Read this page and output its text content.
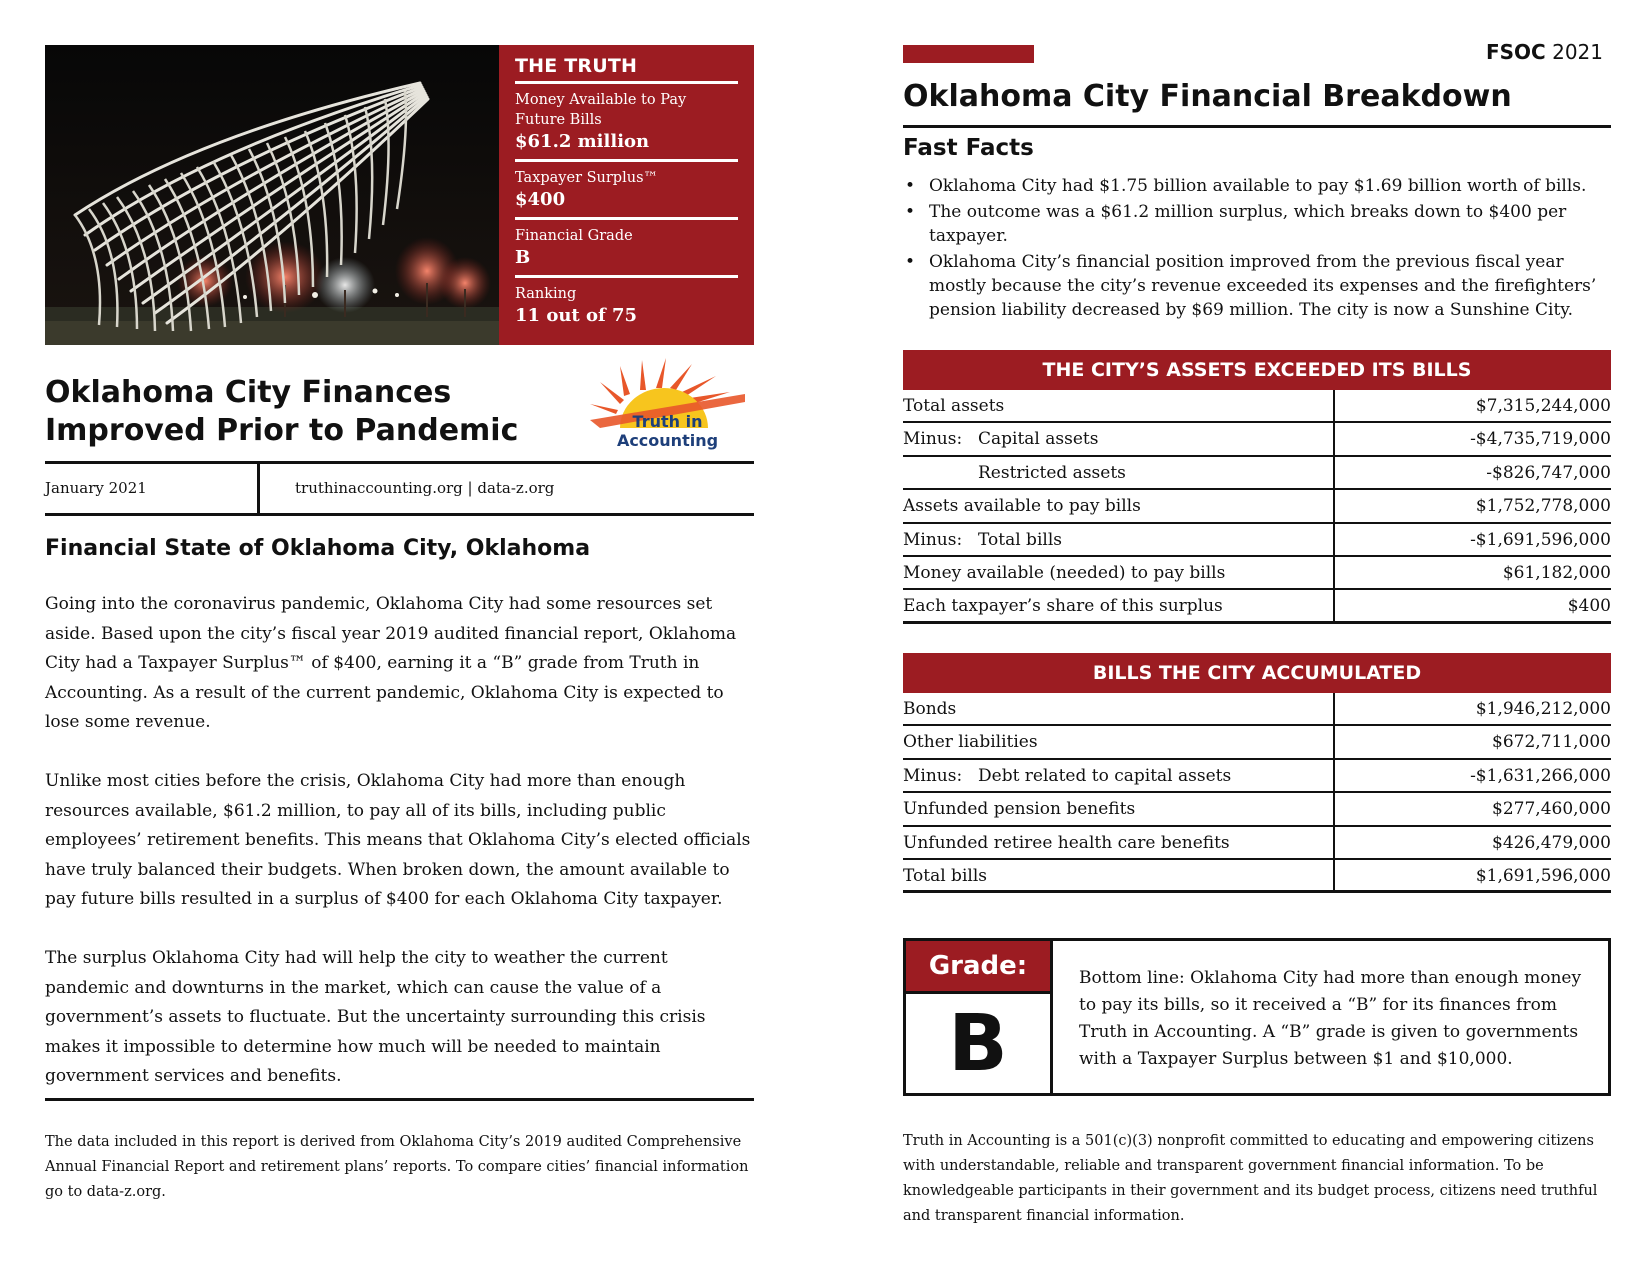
THE TRUTH
Money Available to Pay Future Bills
$61.2 million
Taxpayer Surplus™
$400
Financial Grade
B
Ranking
11 out of 75
Oklahoma City Finances
Improved Prior to Pandemic	Truth in Accounting
January 2021	truthinaccounting.org | data-z.org
Financial State of Oklahoma City, Oklahoma

Going into the coronavirus pandemic, Oklahoma City had some resources set aside. Based upon the city’s fiscal year 2019 audited financial report, Oklahoma City had a Taxpayer Surplus™ of $400, earning it a “B” grade from Truth in Accounting. As a result of the current pandemic, Oklahoma City is expected to lose some revenue.

Unlike most cities before the crisis, Oklahoma City had more than enough resources available, $61.2 million, to pay all of its bills, including public employees’ retirement benefits. This means that Oklahoma City’s elected officials have truly balanced their budgets. When broken down, the amount available to pay future bills resulted in a surplus of $400 for each Oklahoma City taxpayer.

The surplus Oklahoma City had will help the city to weather the current pandemic and downturns in the market, which can cause the value of a government’s assets to fluctuate. But the uncertainty surrounding this crisis makes it impossible to determine how much will be needed to maintain government services and benefits.

The data included in this report is derived from Oklahoma City’s 2019 audited Comprehensive Annual Financial Report and retirement plans’ reports. To compare cities’ financial information go to data-z.org.
FSOC 2021
Oklahoma City Financial Breakdown
Fast Facts
• Oklahoma City had $1.75 billion available to pay $1.69 billion worth of bills.
• The outcome was a $61.2 million surplus, which breaks down to $400 per taxpayer.
• Oklahoma City’s financial position improved from the previous fiscal year mostly because the city’s revenue exceeded its expenses and the firefighters’ pension liability decreased by $69 million. The city is now a Sunshine City.
THE CITY’S ASSETS EXCEEDED ITS BILLS
Total assets	$7,315,244,000
Minus: Capital assets	-$4,735,719,000
Restricted assets	-$826,747,000
Assets available to pay bills	$1,752,778,000
Minus: Total bills	-$1,691,596,000
Money available (needed) to pay bills	$61,182,000
Each taxpayer’s share of this surplus	$400
BILLS THE CITY ACCUMULATED
Bonds	$1,946,212,000
Other liabilities	$672,711,000
Minus: Debt related to capital assets	-$1,631,266,000
Unfunded pension benefits	$277,460,000
Unfunded retiree health care benefits	$426,479,000
Total bills	$1,691,596,000
Grade:
B
Bottom line: Oklahoma City had more than enough money to pay its bills, so it received a “B” for its finances from Truth in Accounting. A “B” grade is given to governments with a Taxpayer Surplus between $1 and $10,000.
Truth in Accounting is a 501(c)(3) nonprofit committed to educating and empowering citizens with understandable, reliable and transparent government financial information. To be knowledgeable participants in their government and its budget process, citizens need truthful and transparent financial information.
